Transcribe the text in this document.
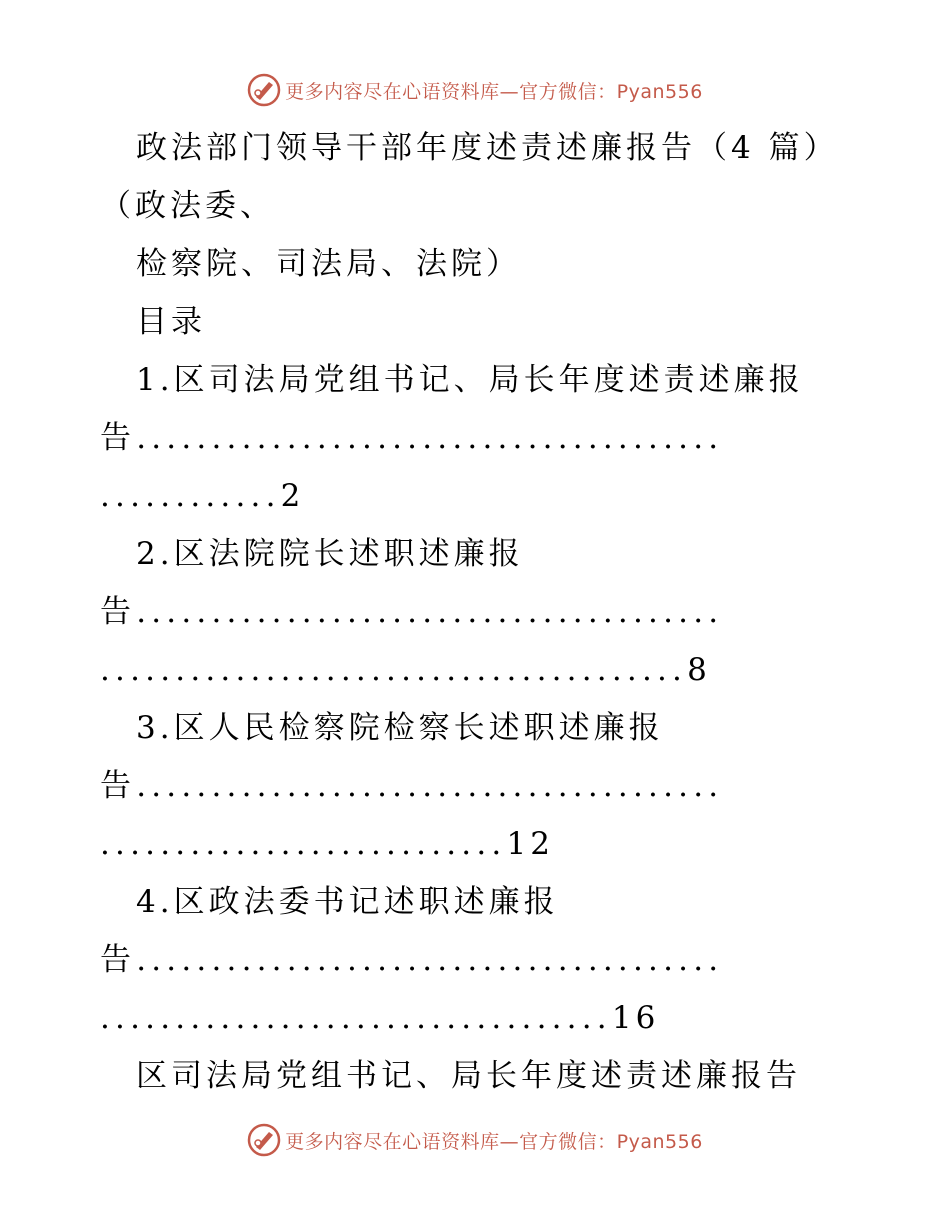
更多内容尽在心语资料库—官方微信：Pyan556
政法部门领导干部年度述责述廉报告（4 篇）
（政法委、
检察院、司法局、法院）
目录
1.区司法局党组书记、局长年度述责述廉报
告.......................................
............2
2.区法院院长述职述廉报
告.......................................
.......................................8
3.区人民检察院检察长述职述廉报
告.......................................
...........................12
4.区政法委书记述职述廉报
告.......................................
..................................16
区司法局党组书记、局长年度述责述廉报告
更多内容尽在心语资料库—官方微信：Pyan556
